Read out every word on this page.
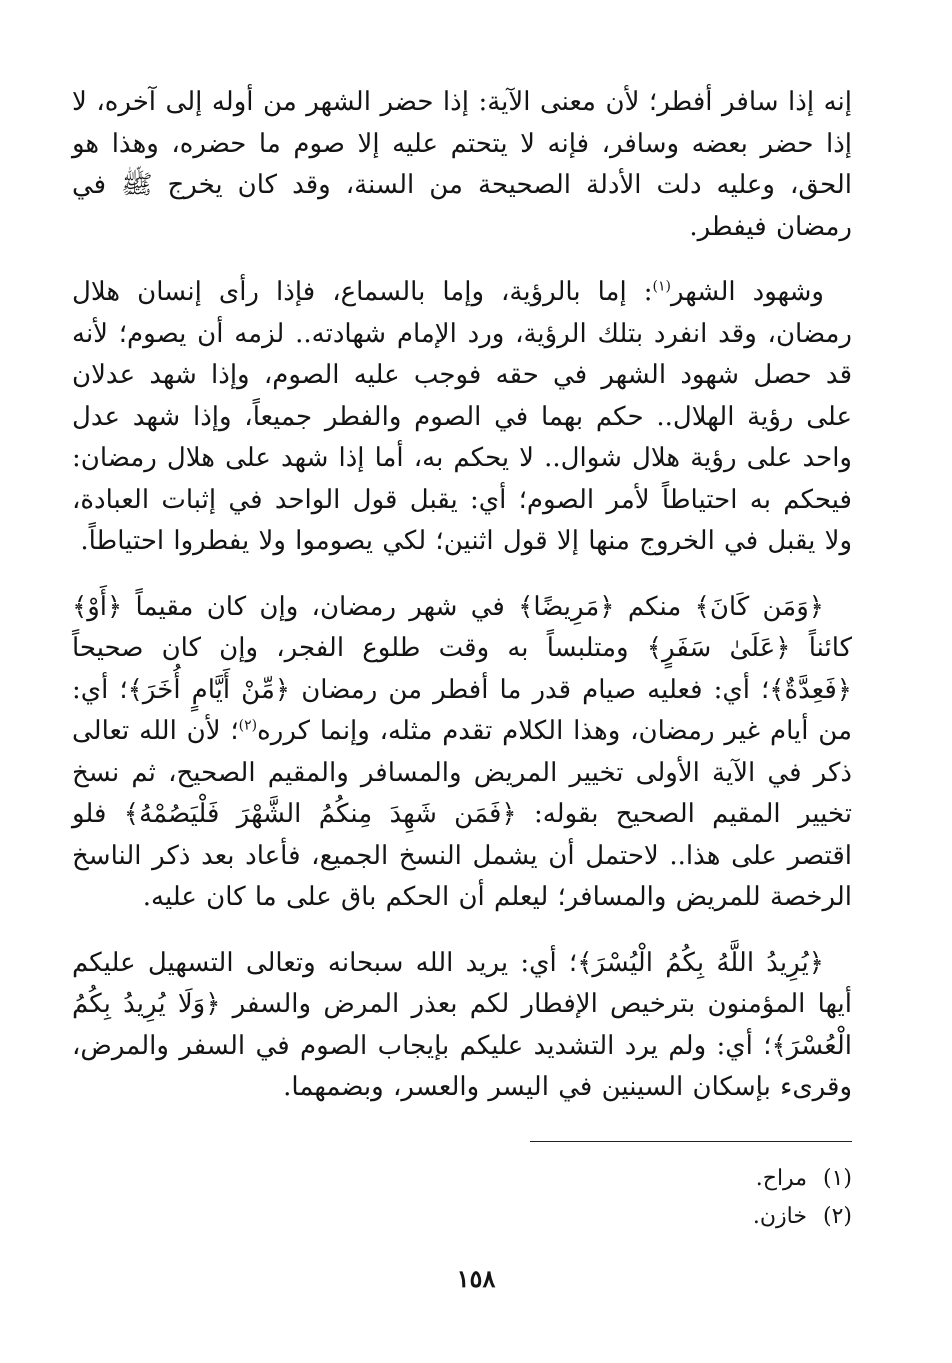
إنه إذا سافر أفطر؛ لأن معنى الآية: إذا حضر الشهر من أوله إلى آخره، لا إذا حضر بعضه وسافر، فإنه لا يتحتم عليه إلا صوم ما حضره، وهذا هو الحق، وعليه دلت الأدلة الصحيحة من السنة، وقد كان يخرج ﷺ في رمضان فيفطر.

وشهود الشهر$^{(١)}$: إما بالرؤية، وإما بالسماع، فإذا رأى إنسان هلال رمضان، وقد انفرد بتلك الرؤية، ورد الإمام شهادته.. لزمه أن يصوم؛ لأنه قد حصل شهود الشهر في حقه فوجب عليه الصوم، وإذا شهد عدلان على رؤية الهلال.. حكم بهما في الصوم والفطر جميعاً، وإذا شهد عدل واحد على رؤية هلال شوال.. لا يحكم به، أما إذا شهد على هلال رمضان: فيحكم به احتياطاً لأمر الصوم؛ أي: يقبل قول الواحد في إثبات العبادة، ولا يقبل في الخروج منها إلا قول اثنين؛ لكي يصوموا ولا يفطروا احتياطاً.

﴿وَمَن كَانَ﴾ منكم ﴿مَرِيضًا﴾ في شهر رمضان، وإن كان مقيماً ﴿أَوْ﴾ كائناً ﴿عَلَىٰ سَفَرٍ﴾ ومتلبساً به وقت طلوع الفجر، وإن كان صحيحاً ﴿فَعِدَّةٌ﴾؛ أي: فعليه صيام قدر ما أفطر من رمضان ﴿مِّنْ أَيَّامٍ أُخَرَ﴾؛ أي: من أيام غير رمضان، وهذا الكلام تقدم مثله، وإنما كرره$^{(٢)}$؛ لأن الله تعالى ذكر في الآية الأولى تخيير المريض والمسافر والمقيم الصحيح، ثم نسخ تخيير المقيم الصحيح بقوله: ﴿فَمَن شَهِدَ مِنكُمُ الشَّهْرَ فَلْيَصُمْهُ﴾ فلو اقتصر على هذا.. لاحتمل أن يشمل النسخ الجميع، فأعاد بعد ذكر الناسخ الرخصة للمريض والمسافر؛ ليعلم أن الحكم باق على ما كان عليه.

﴿يُرِيدُ اللَّهُ بِكُمُ الْيُسْرَ﴾؛ أي: يريد الله سبحانه وتعالى التسهيل عليكم أيها المؤمنون بترخيص الإفطار لكم بعذر المرض والسفر ﴿وَلَا يُرِيدُ بِكُمُ الْعُسْرَ﴾؛ أي: ولم يرد التشديد عليكم بإيجاب الصوم في السفر والمرض، وقرىء بإسكان السينين في اليسر والعسر، وبضمهما.

(١)مراح.
(٢)خازن.
١٥٨
